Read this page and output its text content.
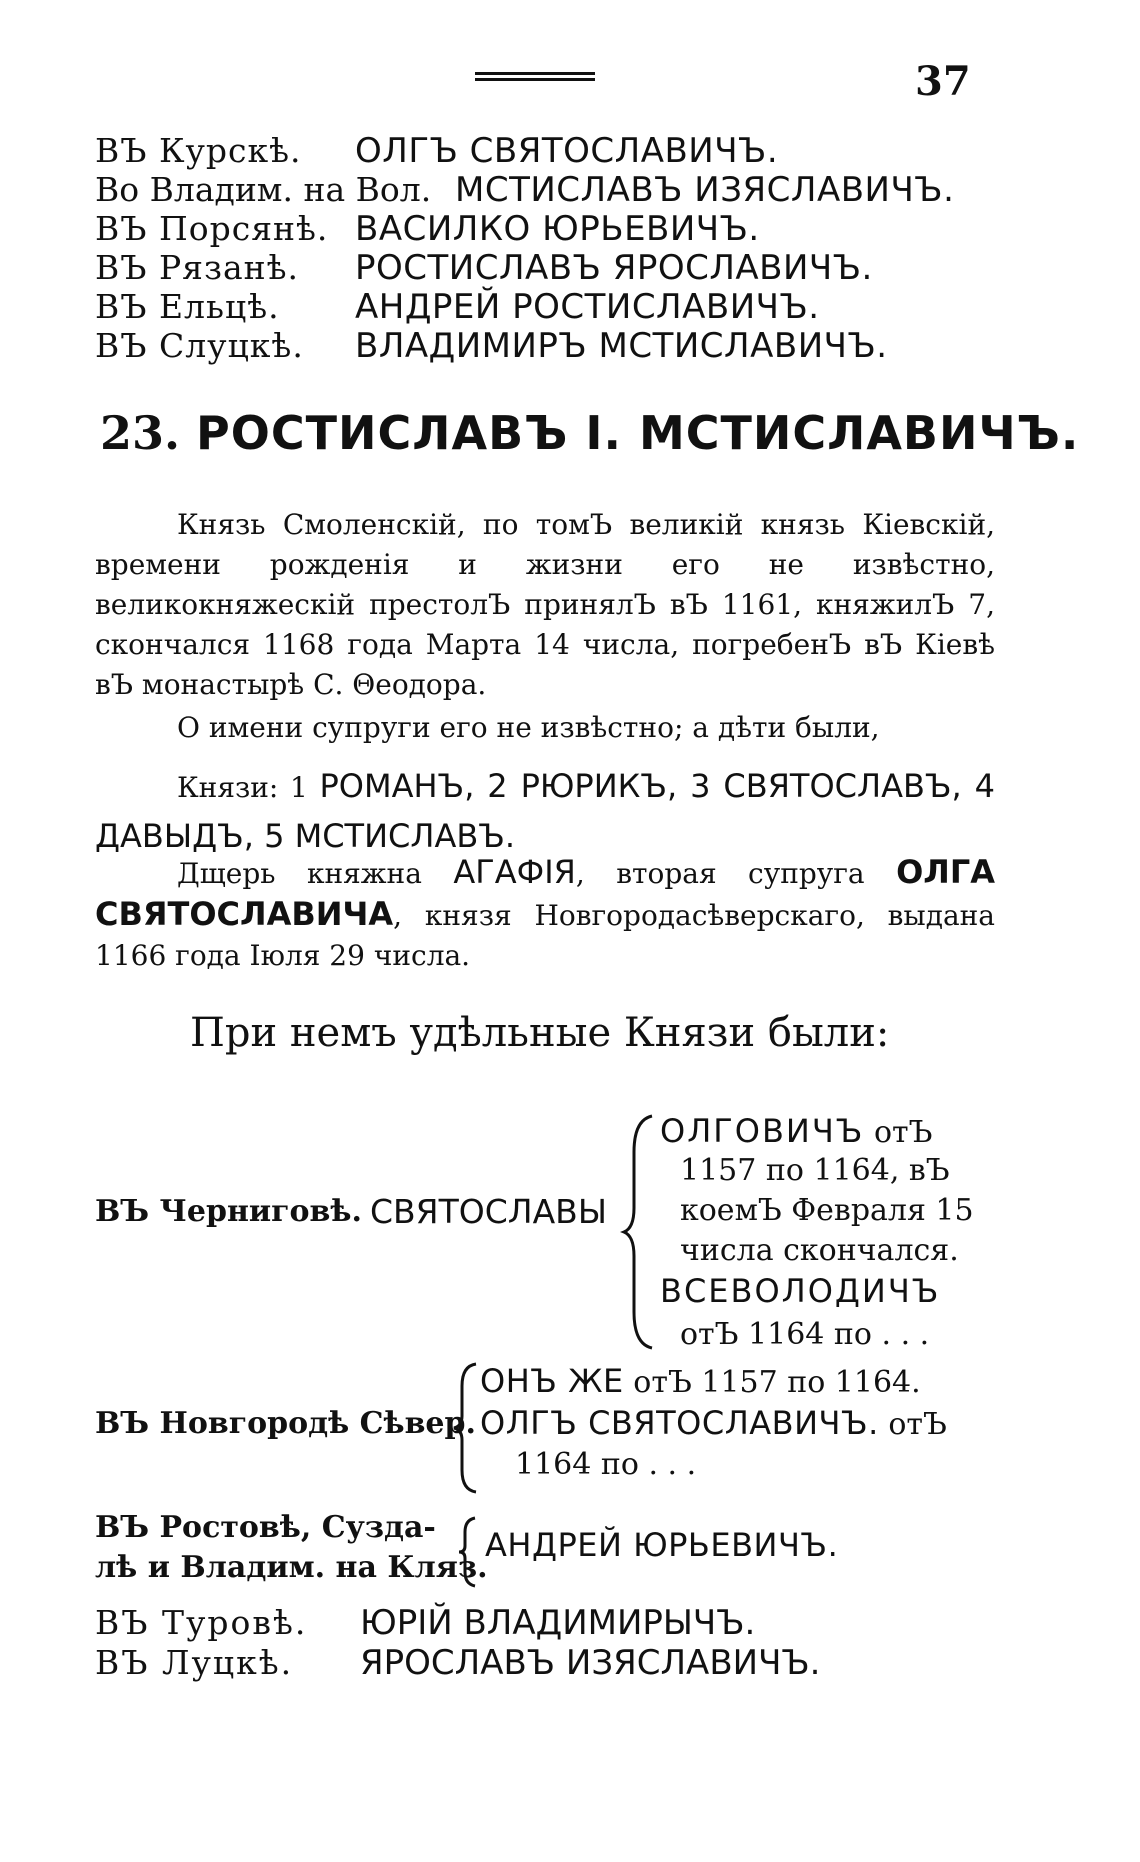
37
ВЪ Курскѣ. ОЛГЪ СВЯТОСЛАВИЧЪ.
Во Владим. на Вол. МСТИСЛАВЪ ИЗЯСЛАВИЧЪ.
ВЪ Порсянѣ. ВАСИЛКО ЮРЬЕВИЧЪ.
ВЪ Рязанѣ. РОСТИСЛАВЪ ЯРОСЛАВИЧЪ.
ВЪ Ельцѣ. АНДРЕЙ РОСТИСЛАВИЧЪ.
ВЪ Слуцкѣ. ВЛАДИМИРЪ МСТИСЛАВИЧЪ.
23. РОСТИСЛАВЪ I. МСТИСЛАВИЧЪ.
Князь Смоленскiй, по томЪ великiй князь Кiевскiй, времени рожденiя и жизни его не извѣстно, великокняжескiй престолЪ принялЪ вЪ 1161, княжилЪ 7, скончался 1168 года Марта 14 числа, погребенЪ вЪ Кiевѣ вЪ монастырѣ С. Θеодора.
О имени супруги его не извѣстно; а дѣти были,
Князи: 1 РОМАНЪ, 2 РЮРИКЪ, 3 СВЯТОСЛАВЪ, 4 ДАВЫДЪ, 5 МСТИСЛАВЪ.
Дщерь княжна АГАФIЯ, вторая супруга ОЛГА СВЯТОСЛАВИЧА, князя Новгородасѣверскаго, выдана 1166 года Iюля 29 числа.
При немъ удѣльные Князи были:
ВЪ Черниговѣ. СВЯТОСЛАВЫ
ОЛГОВИЧЪ отЪ
1157 по 1164, вЪ
коемЪ Февраля 15
числа скончался.
ВСЕВОЛОДИЧЪ
отЪ 1164 по . . .
ВЪ Новгородѣ Сѣвер.
ОНЪ ЖЕ отЪ 1157 по 1164.
ОЛГЪ СВЯТОСЛАВИЧЪ. отЪ
1164 по . . .
ВЪ Ростовѣ, Сузда-
лѣ и Владим. на Кляз.
АНДРЕЙ ЮРЬЕВИЧЪ.
ВЪ Туровѣ. ЮРIЙ ВЛАДИМИРЫЧЪ.
ВЪ Луцкѣ. ЯРОСЛАВЪ ИЗЯСЛАВИЧЪ.
